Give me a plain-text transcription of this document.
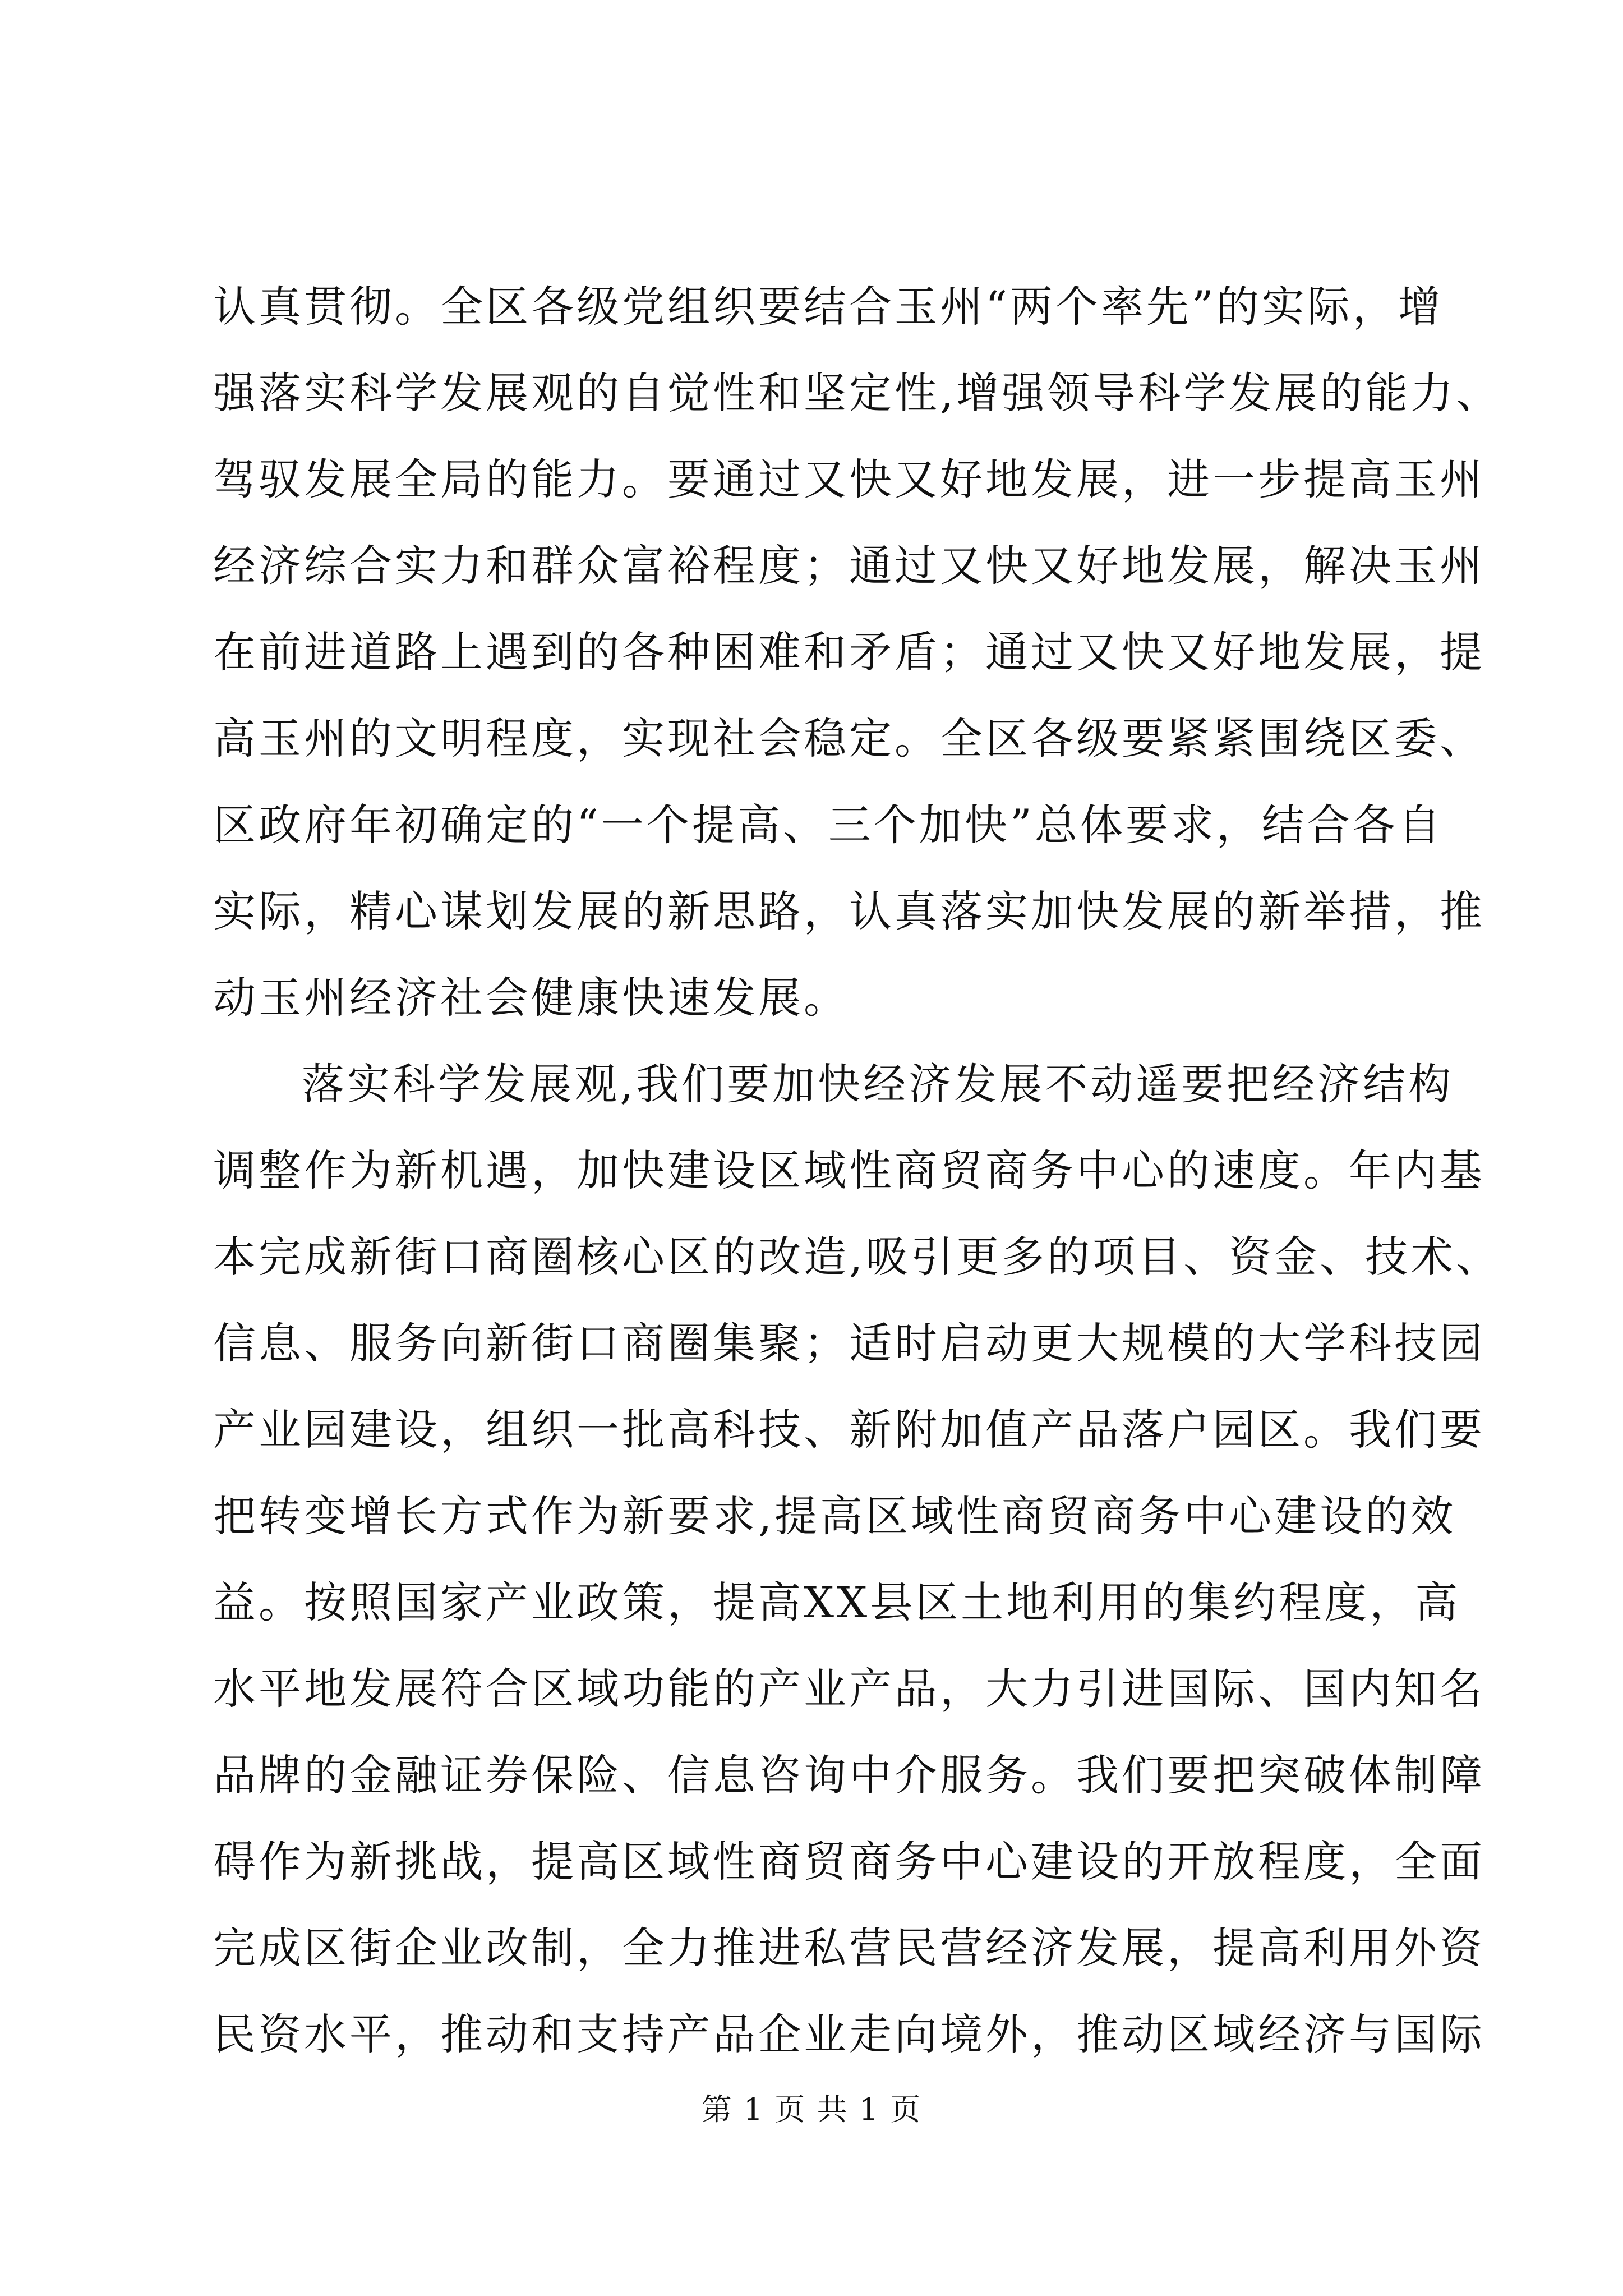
认真贯彻。全区各级党组织要结合玉州“两个率先”的实际，增
强落实科学发展观的自觉性和坚定性,增强领导科学发展的能力、
驾驭发展全局的能力。要通过又快又好地发展，进一步提高玉州
经济综合实力和群众富裕程度；通过又快又好地发展，解决玉州
在前进道路上遇到的各种困难和矛盾；通过又快又好地发展，提
高玉州的文明程度，实现社会稳定。全区各级要紧紧围绕区委、
区政府年初确定的“一个提高、三个加快”总体要求，结合各自
实际，精心谋划发展的新思路，认真落实加快发展的新举措，推
动玉州经济社会健康快速发展。
落实科学发展观,我们要加快经济发展不动遥要把经济结构
调整作为新机遇，加快建设区域性商贸商务中心的速度。年内基
本完成新街口商圈核心区的改造,吸引更多的项目、资金、技术、
信息、服务向新街口商圈集聚；适时启动更大规模的大学科技园
产业园建设，组织一批高科技、新附加值产品落户园区。我们要
把转变增长方式作为新要求,提高区域性商贸商务中心建设的效
益。按照国家产业政策，提高XX县区土地利用的集约程度，高
水平地发展符合区域功能的产业产品，大力引进国际、国内知名
品牌的金融证券保险、信息咨询中介服务。我们要把突破体制障
碍作为新挑战，提高区域性商贸商务中心建设的开放程度，全面
完成区街企业改制，全力推进私营民营经济发展，提高利用外资
民资水平，推动和支持产品企业走向境外，推动区域经济与国际
第 1 页 共 1 页
